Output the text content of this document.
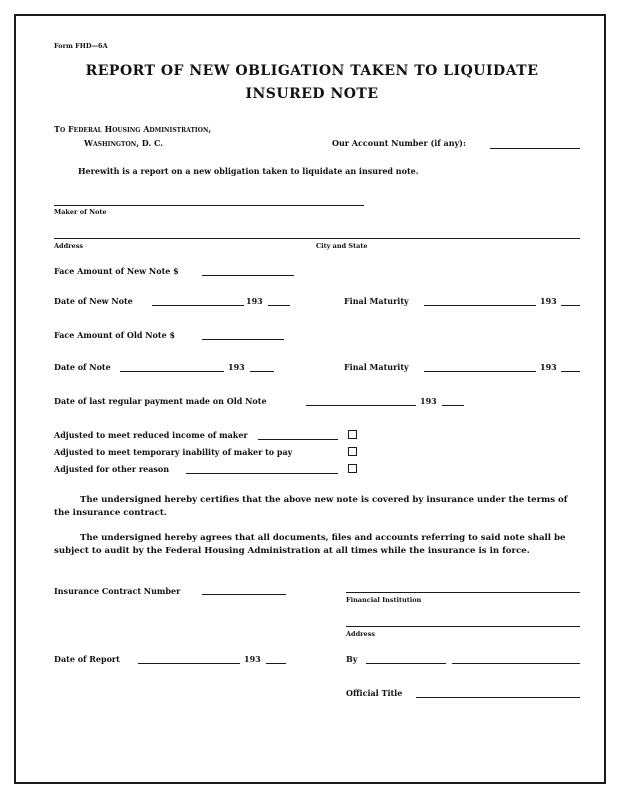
Form FHD—6A
REPORT OF NEW OBLIGATION TAKEN TO LIQUIDATE
INSURED NOTE
To Federal Housing Administration,
Washington, D. C.	Our Account Number (if any):
Herewith is a report on a new obligation taken to liquidate an insured note.
Maker of Note
Address	City and State
Face Amount of New Note $
Date of New Note	193	Final Maturity	193
Face Amount of Old Note $
Date of Note	193	Final Maturity	193
Date of last regular payment made on Old Note	193
Adjusted to meet reduced income of maker
Adjusted to meet temporary inability of maker to pay
Adjusted for other reason
The undersigned hereby certifies that the above new note is covered by insurance under the terms of the insurance contract.
The undersigned hereby agrees that all documents, files and accounts referring to said note shall be subject to audit by the Federal Housing Administration at all times while the insurance is in force.
Insurance Contract Number
Financial Institution
Address
Date of Report	193	By
Official Title
